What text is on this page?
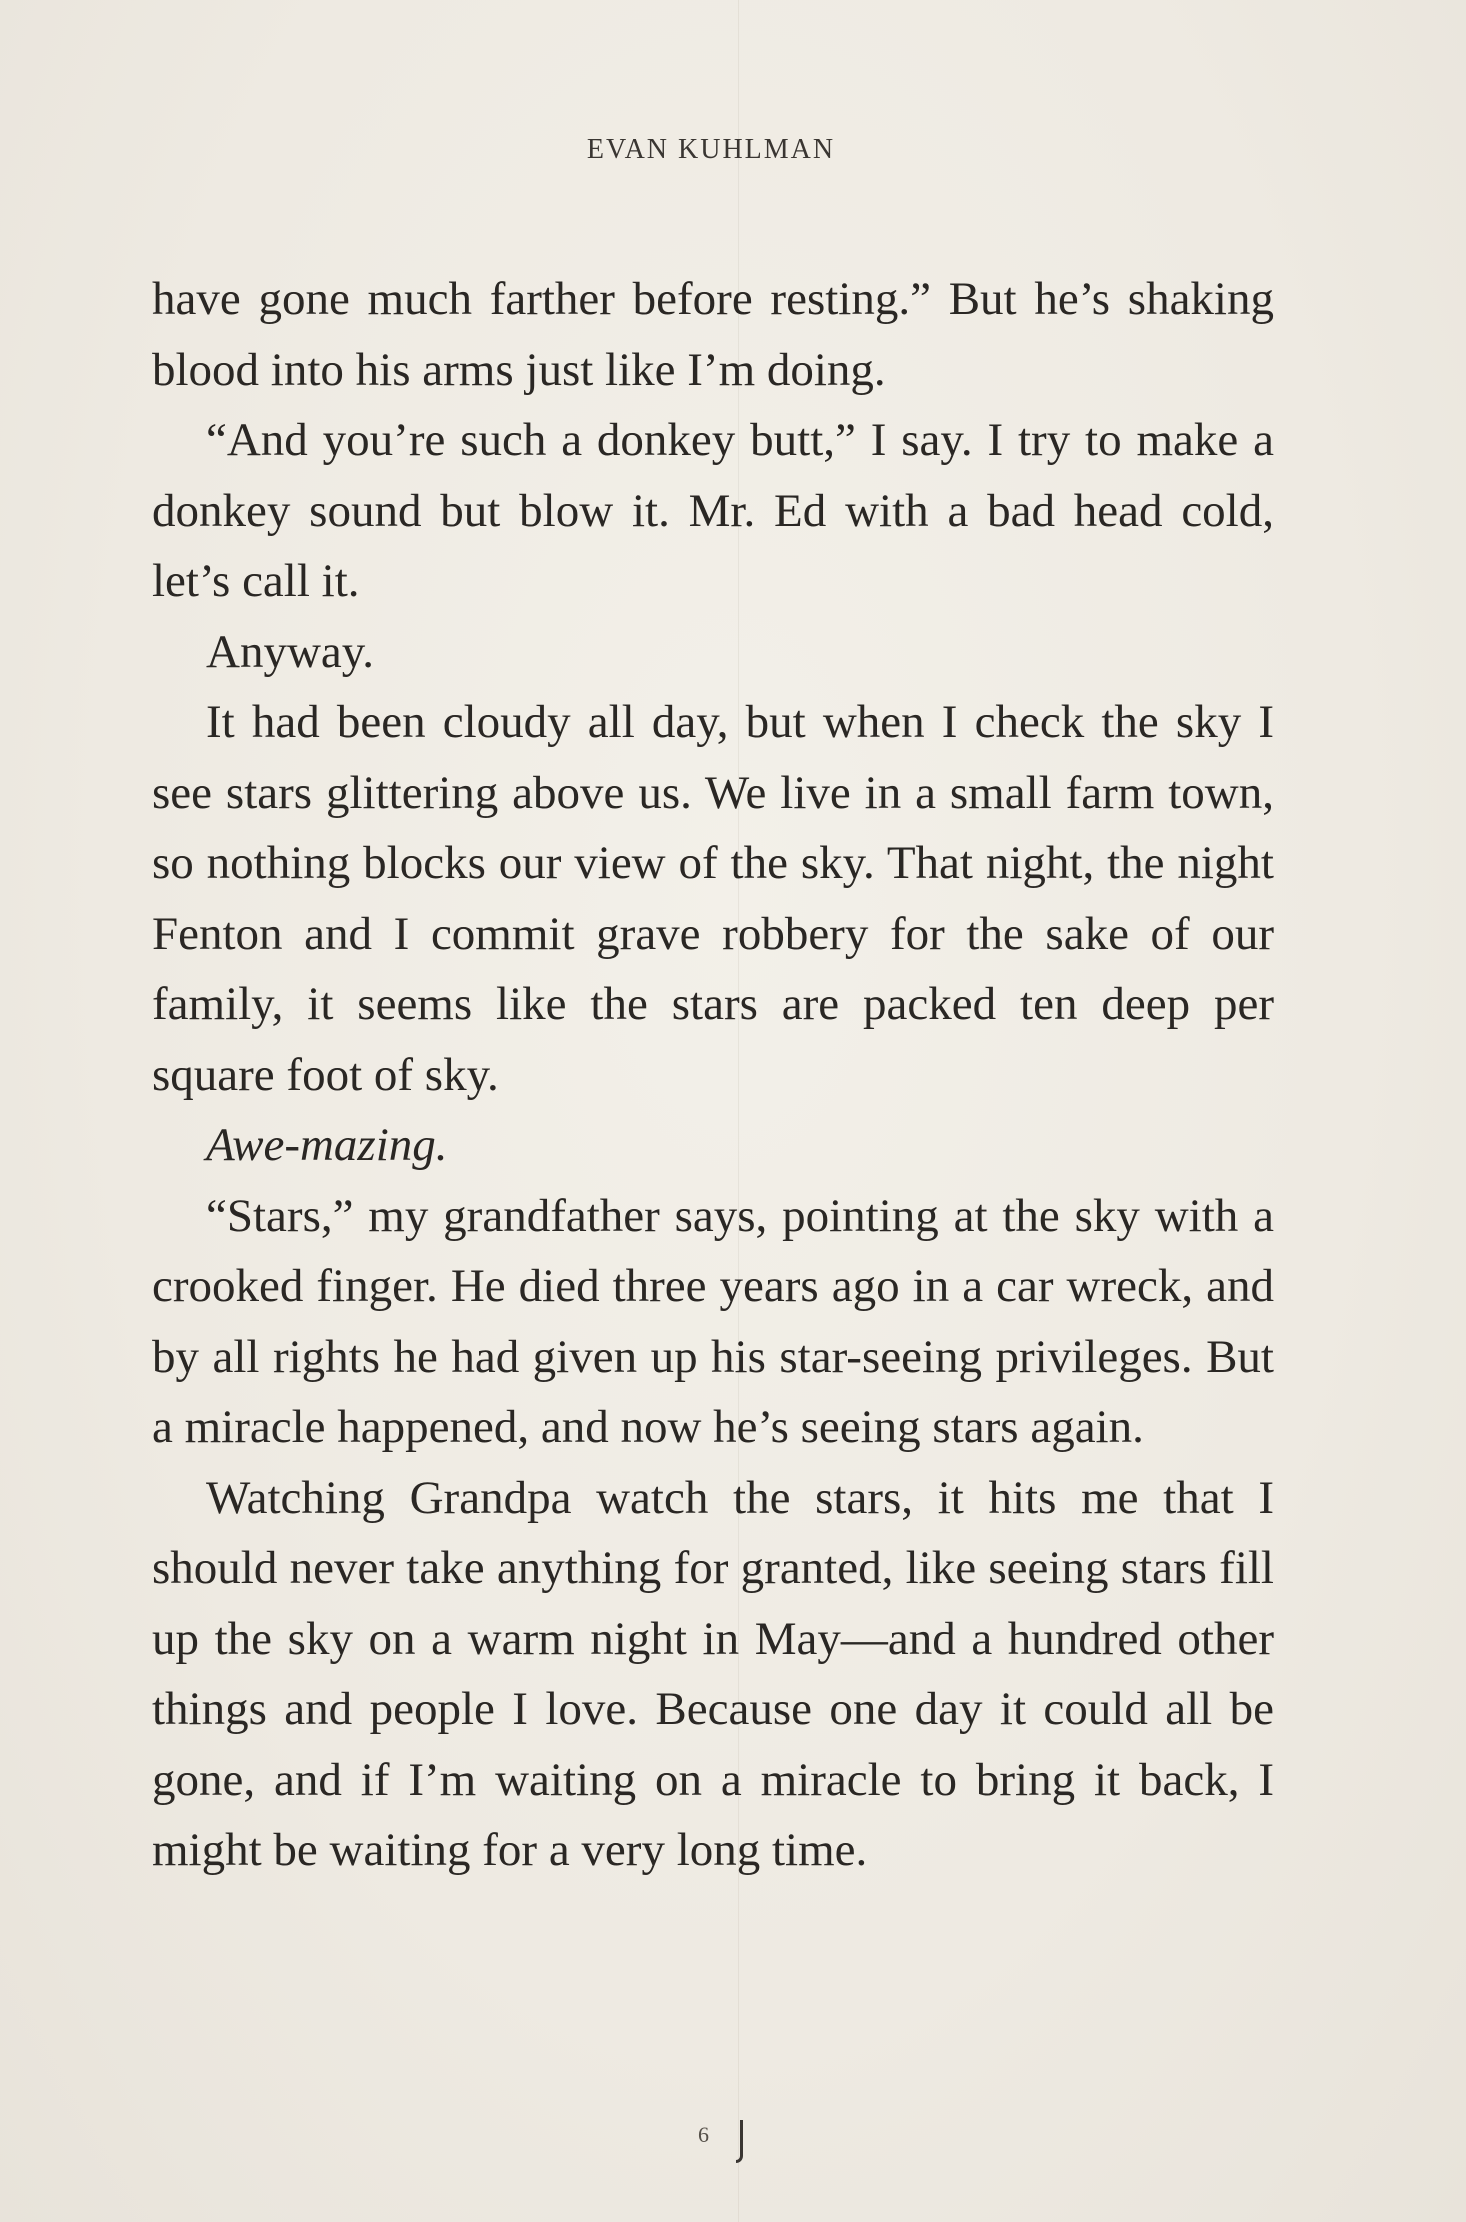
EVAN KUHLMAN

have gone much farther before resting.” But he’s shaking blood into his arms just like I’m doing.

“And you’re such a donkey butt,” I say. I try to make a donkey sound but blow it. Mr. Ed with a bad head cold, let’s call it.

Anyway.

It had been cloudy all day, but when I check the sky I see stars glittering above us. We live in a small farm town, so nothing blocks our view of the sky. That night, the night Fenton and I commit grave robbery for the sake of our family, it seems like the stars are packed ten deep per square foot of sky.

Awe-mazing.

“Stars,” my grandfather says, pointing at the sky with a crooked finger. He died three years ago in a car wreck, and by all rights he had given up his star-seeing privileges. But a miracle happened, and now he’s seeing stars again.

Watching Grandpa watch the stars, it hits me that I should never take anything for granted, like seeing stars fill up the sky on a warm night in May—and a hundred other things and people I love. Because one day it could all be gone, and if I’m waiting on a miracle to bring it back, I might be waiting for a very long time.

6
